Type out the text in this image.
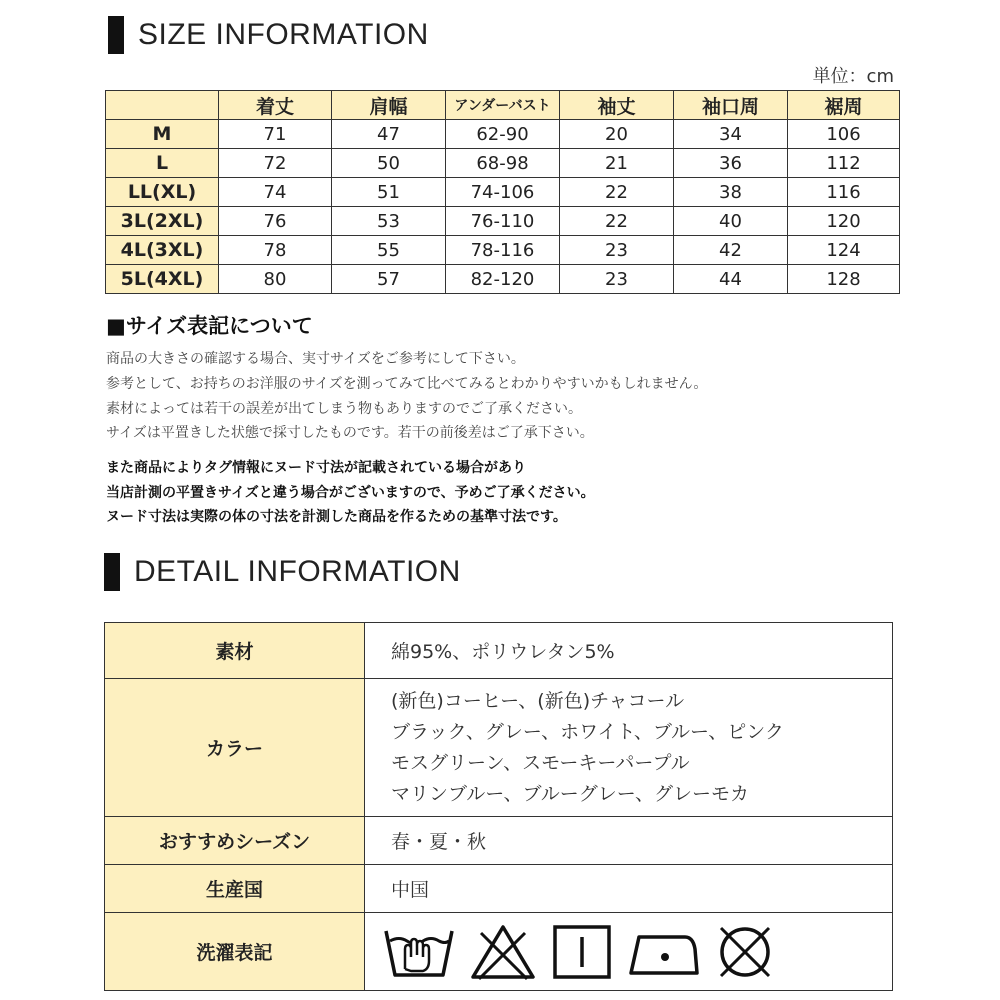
SIZE INFORMATION
単位：cm
	着丈	肩幅	アンダーバスト	袖丈	袖口周	裾周
M	71	47	62-90	20	34	106
L	72	50	68-98	21	36	112
LL(XL)	74	51	74-106	22	38	116
3L(2XL)	76	53	76-110	22	40	120
4L(3XL)	78	55	78-116	23	42	124
5L(4XL)	80	57	82-120	23	44	128
■サイズ表記について
商品の大きさの確認する場合、実寸サイズをご参考にして下さい。
参考として、お持ちのお洋服のサイズを測ってみて比べてみるとわかりやすいかもしれません。
素材によっては若干の誤差が出てしまう物もありますのでご了承ください。
サイズは平置きした状態で採寸したものです。若干の前後差はご了承下さい。
また商品によりタグ情報にヌード寸法が記載されている場合があり
当店計測の平置きサイズと違う場合がございますので、予めご了承ください。
ヌード寸法は実際の体の寸法を計測した商品を作るための基準寸法です。
DETAIL INFORMATION
素材	綿95%、ポリウレタン5%
カラー	(新色)コーヒー、(新色)チャコール
ブラック、グレー、ホワイト、ブルー、ピンク
モスグリーン、スモーキーパープル
マリンブルー、ブルーグレー、グレーモカ

おすすめシーズン	春・夏・秋
生産国	中国
洗濯表記	
